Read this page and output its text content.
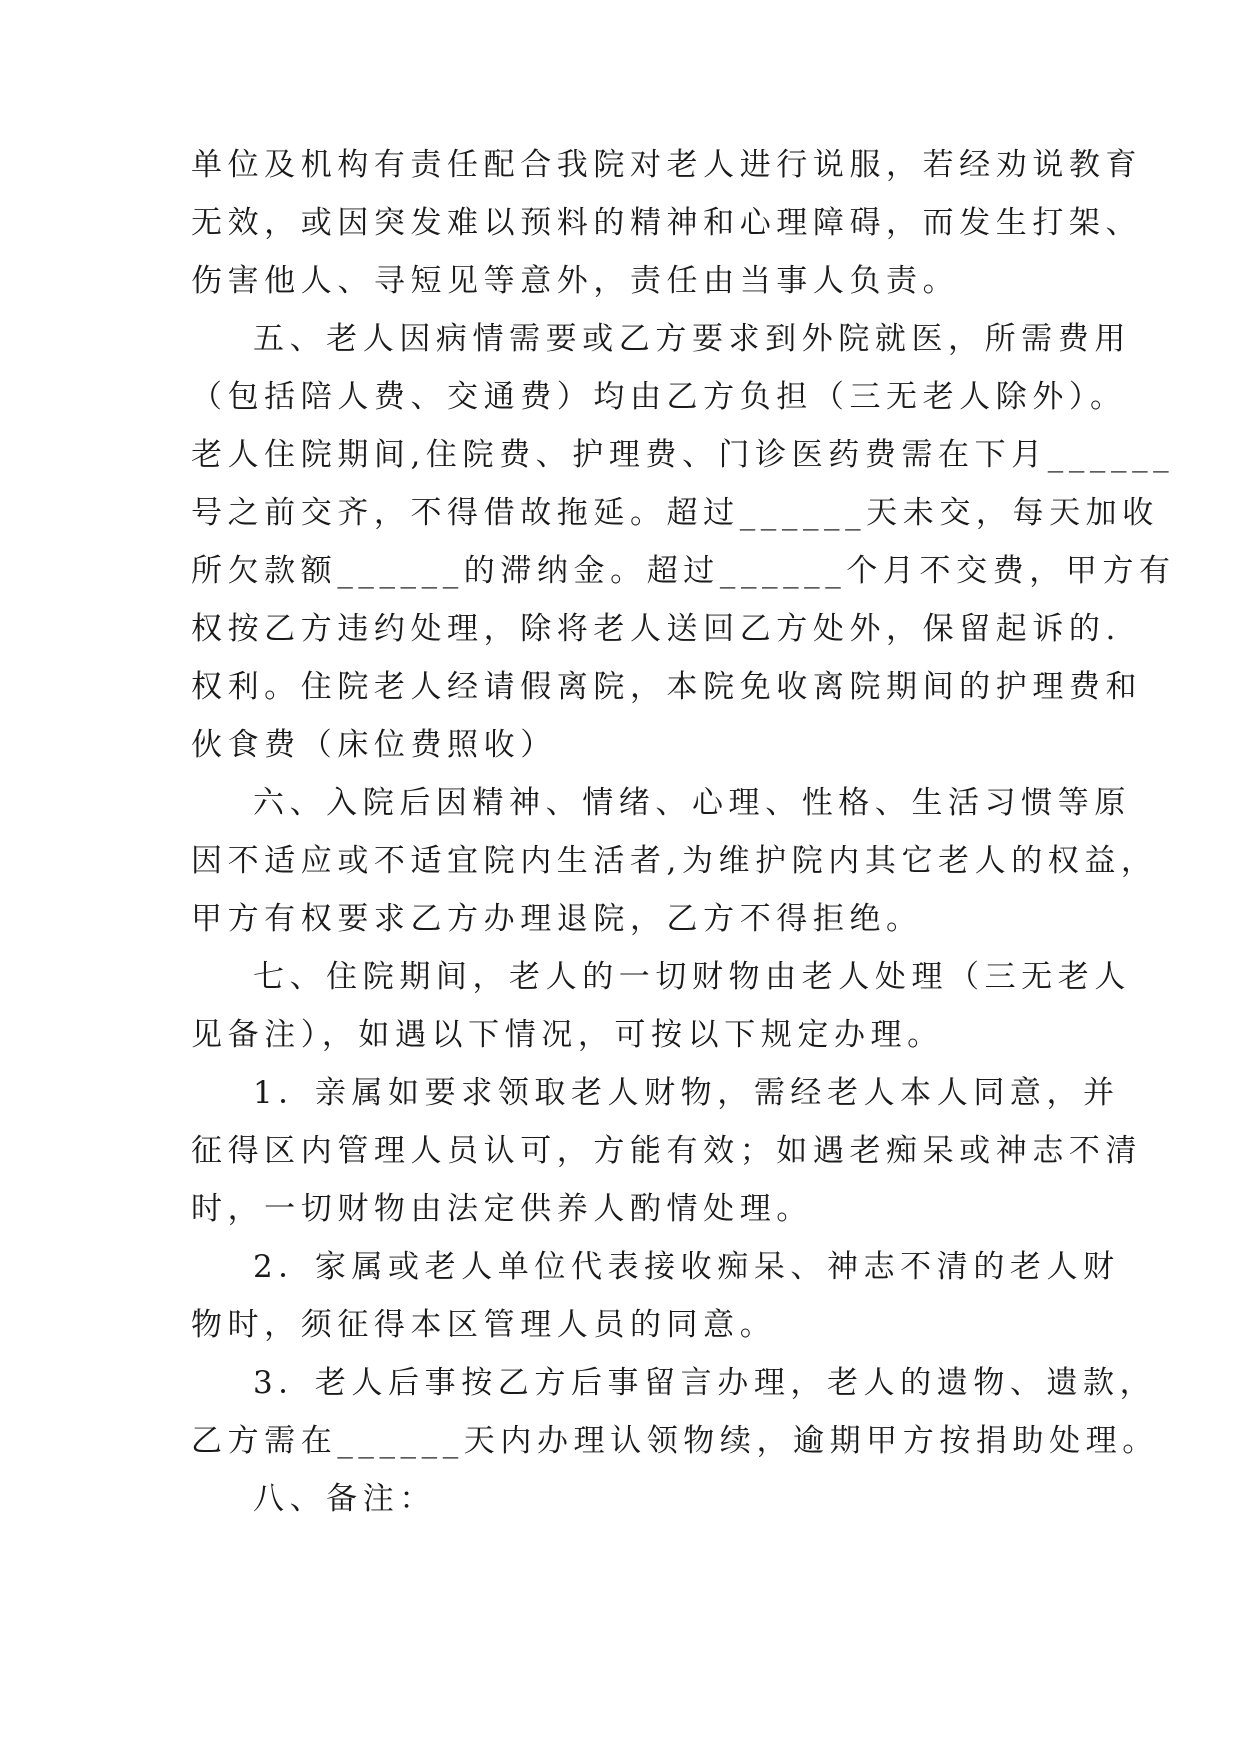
单位及机构有责任配合我院对老人进行说服，若经劝说教育
无效，或因突发难以预料的精神和心理障碍，而发生打架、
伤害他人、寻短见等意外，责任由当事人负责。
五、老人因病情需要或乙方要求到外院就医，所需费用
（包括陪人费、交通费）均由乙方负担（三无老人除外）。
老人住院期间,住院费、护理费、门诊医药费需在下月______
号之前交齐，不得借故拖延。超过______天未交，每天加收
所欠款额______的滞纳金。超过______个月不交费，甲方有
权按乙方违约处理，除将老人送回乙方处外，保留起诉的.
权利。住院老人经请假离院，本院免收离院期间的护理费和
伙食费（床位费照收）
六、入院后因精神、情绪、心理、性格、生活习惯等原
因不适应或不适宜院内生活者,为维护院内其它老人的权益，
甲方有权要求乙方办理退院，乙方不得拒绝。
七、住院期间，老人的一切财物由老人处理（三无老人
见备注），如遇以下情况，可按以下规定办理。
1．亲属如要求领取老人财物，需经老人本人同意，并
征得区内管理人员认可，方能有效；如遇老痴呆或神志不清
时，一切财物由法定供养人酌情处理。
2．家属或老人单位代表接收痴呆、神志不清的老人财
物时，须征得本区管理人员的同意。
3．老人后事按乙方后事留言办理，老人的遗物、遗款，
乙方需在______天内办理认领物续，逾期甲方按捐助处理。
八、备注：
